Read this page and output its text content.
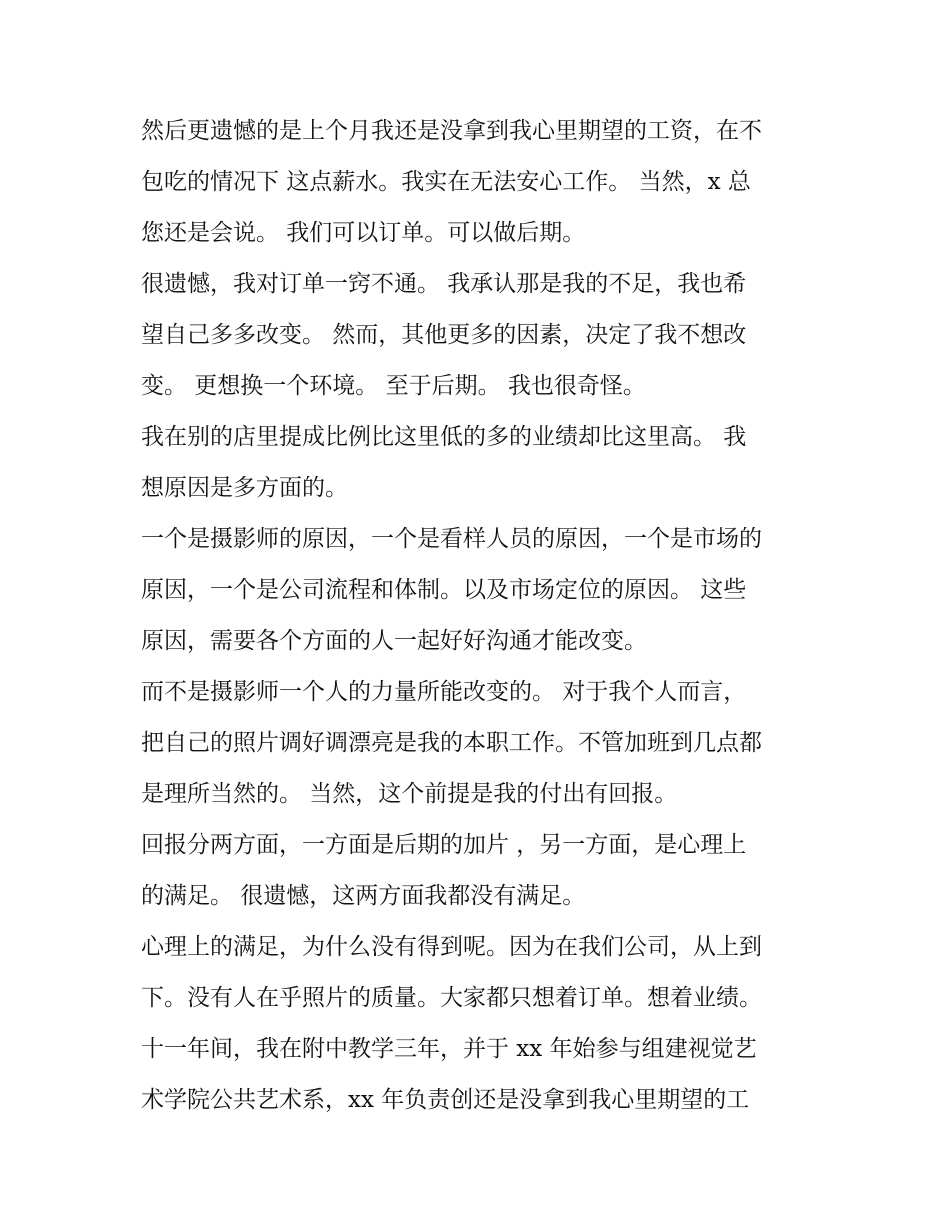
然后更遗憾的是上个月我还是没拿到我心里期望的工资，在不
包吃的情况下 这点薪水。我实在无法安心工作。 当然，x 总
您还是会说。 我们可以订单。可以做后期。
很遗憾，我对订单一窍不通。 我承认那是我的不足，我也希
望自己多多改变。 然而，其他更多的因素，决定了我不想改
变。 更想换一个环境。 至于后期。 我也很奇怪。
我在别的店里提成比例比这里低的多的业绩却比这里高。 我
想原因是多方面的。
一个是摄影师的原因，一个是看样人员的原因，一个是市场的
原因，一个是公司流程和体制。以及市场定位的原因。 这些
原因，需要各个方面的人一起好好沟通才能改变。
而不是摄影师一个人的力量所能改变的。 对于我个人而言，
把自己的照片调好调漂亮是我的本职工作。不管加班到几点都
是理所当然的。 当然，这个前提是我的付出有回报。
回报分两方面，一方面是后期的加片 ，另一方面，是心理上
的满足。 很遗憾，这两方面我都没有满足。
心理上的满足，为什么没有得到呢。因为在我们公司，从上到
下。没有人在乎照片的质量。大家都只想着订单。想着业绩。
十一年间，我在附中教学三年，并于 xx 年始参与组建视觉艺
术学院公共艺术系，xx 年负责创还是没拿到我心里期望的工
